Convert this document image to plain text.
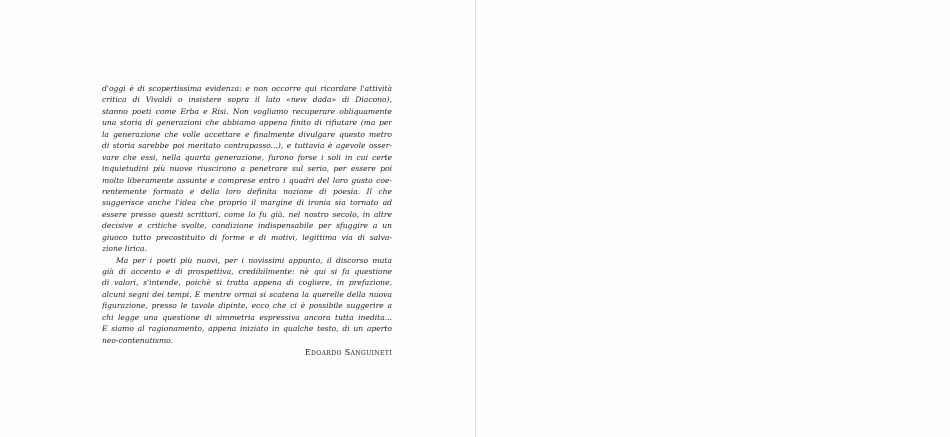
d'oggi è di scopertissima evidenza: e non occorre qui ricordare l'attività
critica di Vivaldi o insistere sopra il lato «new dada» di Diacono),
stanno poeti come Erba e Risi. Non vogliamo recuperare obliquamente
una storia di generazioni che abbiamo appena finito di rifiutare (ma per
la generazione che volle accettare e finalmente divulgare questo metro
di storia sarebbe poi meritato contrapasso...), e tuttavia è agevole osser-
vare che essi, nella quarta generazione, furono forse i soli in cui certe
inquietudini più nuove riuscirono a penetrare sul serio, per essere poi
molto liberamente assunte e comprese entro i quadri del loro gusto coe-
rentemente formato e della loro definita nozione di poesia. Il che
suggerisce anche l'idea che proprio il margine di ironia sia tornato ad
essere presso questi scrittori, come lo fu già, nel nostro secolo, in altre
decisive e critiche svolte, condizione indispensabile per sfuggire a un
giuoco tutto precostituito di forme e di motivi, legittima via di salva-
zione lirica.
Ma per i poeti più nuovi, per i novissimi appunto, il discorso muta
già di accento e di prospettiva, credibilmente: nè qui si fa questione
di valori, s'intende, poichè si tratta appena di cogliere, in prefazione,
alcuni segni dei tempi. E mentre ormai si scatena la querelle della nuova
figurazione, presso le tavole dipinte, ecco che ci è possibile suggerire a
chi legge una questione di simmetria espressiva ancora tutta inedita...
E siamo al ragionamento, appena iniziato in qualche testo, di un aperto
neo-contenutismo.
Edoardo Sanguineti
